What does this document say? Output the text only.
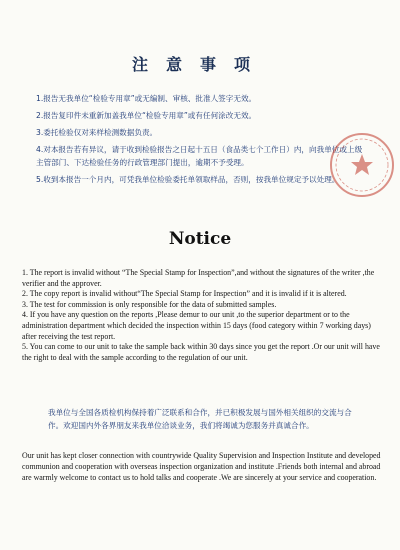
注意事项
1.报告无我单位“检验专用章”或无编制、审核、批准人签字无效。
2.报告复印件未重新加盖我单位“检验专用章”或有任何涂改无效。
3.委托检验仅对来样检测数据负责。
4.对本报告若有异议，请于收到检验报告之日起十五日（食品类七个工作日）内，向我单位或上级主管部门、下达检验任务的行政管理部门提出，逾期不予受理。
5.收到本报告一个月内，可凭我单位检验委托单领取样品，否则，按我单位规定予以处理。
Notice
1. The report is invalid without “The Special Stamp for Inspection”,and without the signatures of the writer ,the verifier and the approver.
2. The copy report is invalid without“The Special Stamp for Inspection” and it is invalid if it is altered.
3. The test for commission is only responsible for the data of submitted samples.
4. If you have any question on the reports ,Please demur to our unit ,to the superior department or to the administration department which decided the inspection within 15 days (food category within 7 working days) after receiving the test report.
5. You can come to our unit to take the sample back within 30 days since you get the report .Or our unit will have the right to deal with the sample according to the regulation of our unit.
我单位与全国各质检机构保持着广泛联系和合作，并已积极发展与国外相关组织的交流与合作。欢迎国内外各界朋友来我单位洽谈业务，我们将竭诚为您服务并真诚合作。
Our unit has kept closer connection with countrywide Quality Supervision and Inspection Institute and developed communion and cooperation with overseas inspection organization and institute .Friends both internal and abroad are warmly welcome to contact us to hold talks and cooperate .We are sincerely at your service and cooperation.
